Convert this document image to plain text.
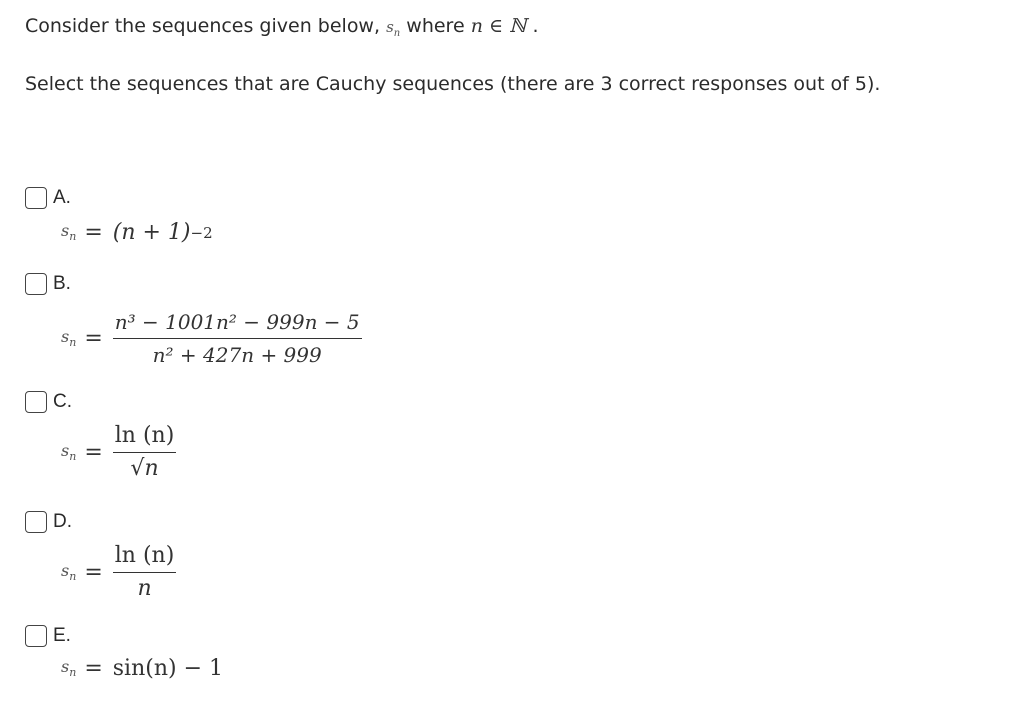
Consider the sequences given below, $s_n$ where n ∈ ℕ .
Select the sequences that are Cauchy sequences (there are 3 correct responses out of 5).
A.
$s_n = (n + 1) -2$
B.
$s_n = \frac{\text{n³ − 1001n² − 999n − 5}}{\text{n² + 427n + 999}}$
C.
$s_n = \frac{\ln (n)}{√n}$
D.
$s_n = \frac{\ln (n)}{n}$
E.
$s_n = \sin(n) - 1$
